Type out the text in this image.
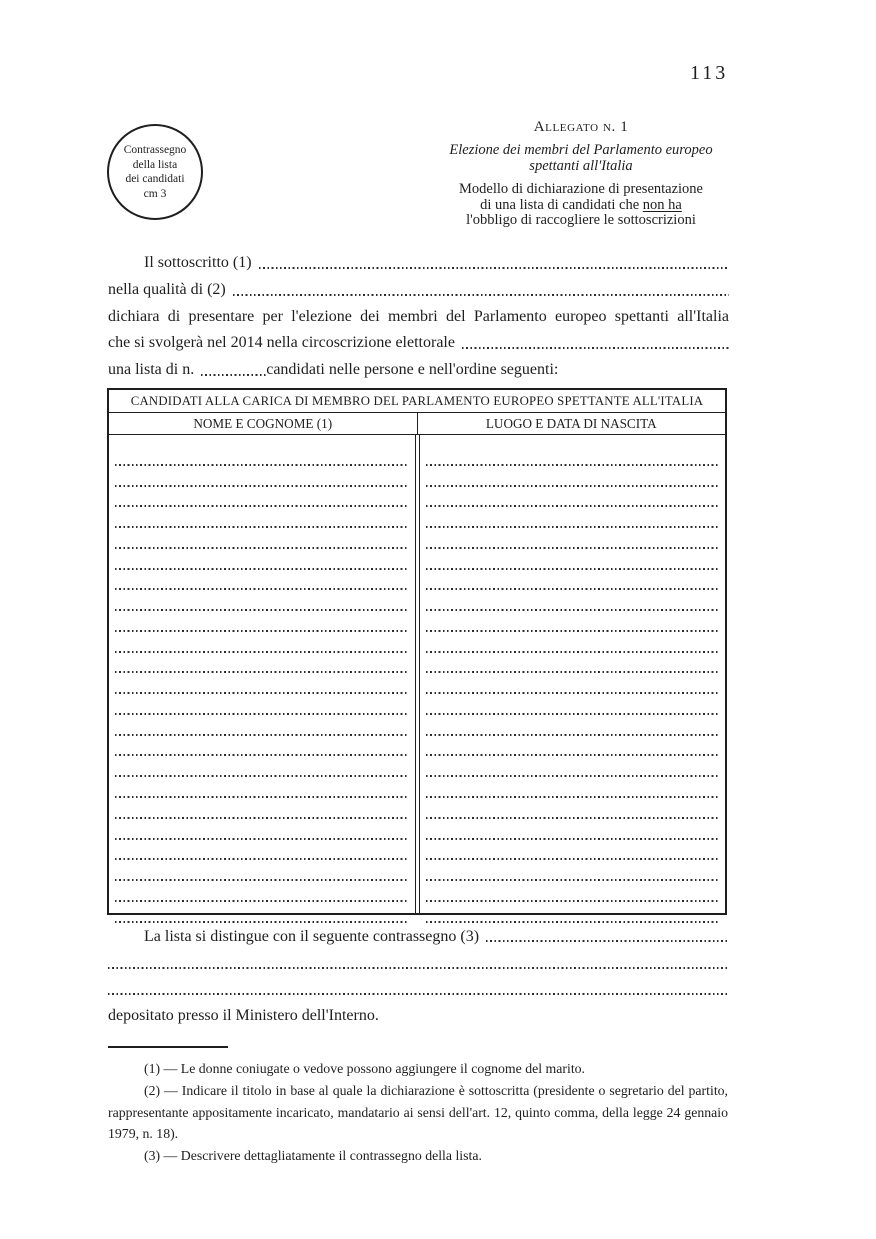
113
Contrassegno
della lista
dei candidati
cm 3
Allegato n. 1
Elezione dei membri del Parlamento europeo spettanti all'Italia
Modello di dichiarazione di presentazione
di una lista di candidati che non ha
l'obbligo di raccogliere le sottoscrizioni
Il sottoscritto (1)
nella qualità di (2)
dichiara di presentare per l'elezione dei membri del Parlamento europeo spettanti all'Italia
che si svolgerà nel 2014 nella circoscrizione elettorale
una lista di n.	candidati nelle persone e nell'ordine seguenti:
CANDIDATI ALLA CARICA DI MEMBRO DEL PARLAMENTO EUROPEO SPETTANTE ALL'ITALIA
NOME E COGNOME (1)	LUOGO E DATA DI NASCITA
La lista si distingue con il seguente contrassegno (3)
depositato presso il Ministero dell'Interno.

(1) — Le donne coniugate o vedove possono aggiungere il cognome del marito.

(2) — Indicare il titolo in base al quale la dichiarazione è sottoscritta (presidente o segretario del partito, rappresentante appositamente incaricato, mandatario ai sensi dell'art. 12, quinto comma, della legge 24 gennaio 1979, n. 18).

(3) — Descrivere dettagliatamente il contrassegno della lista.
